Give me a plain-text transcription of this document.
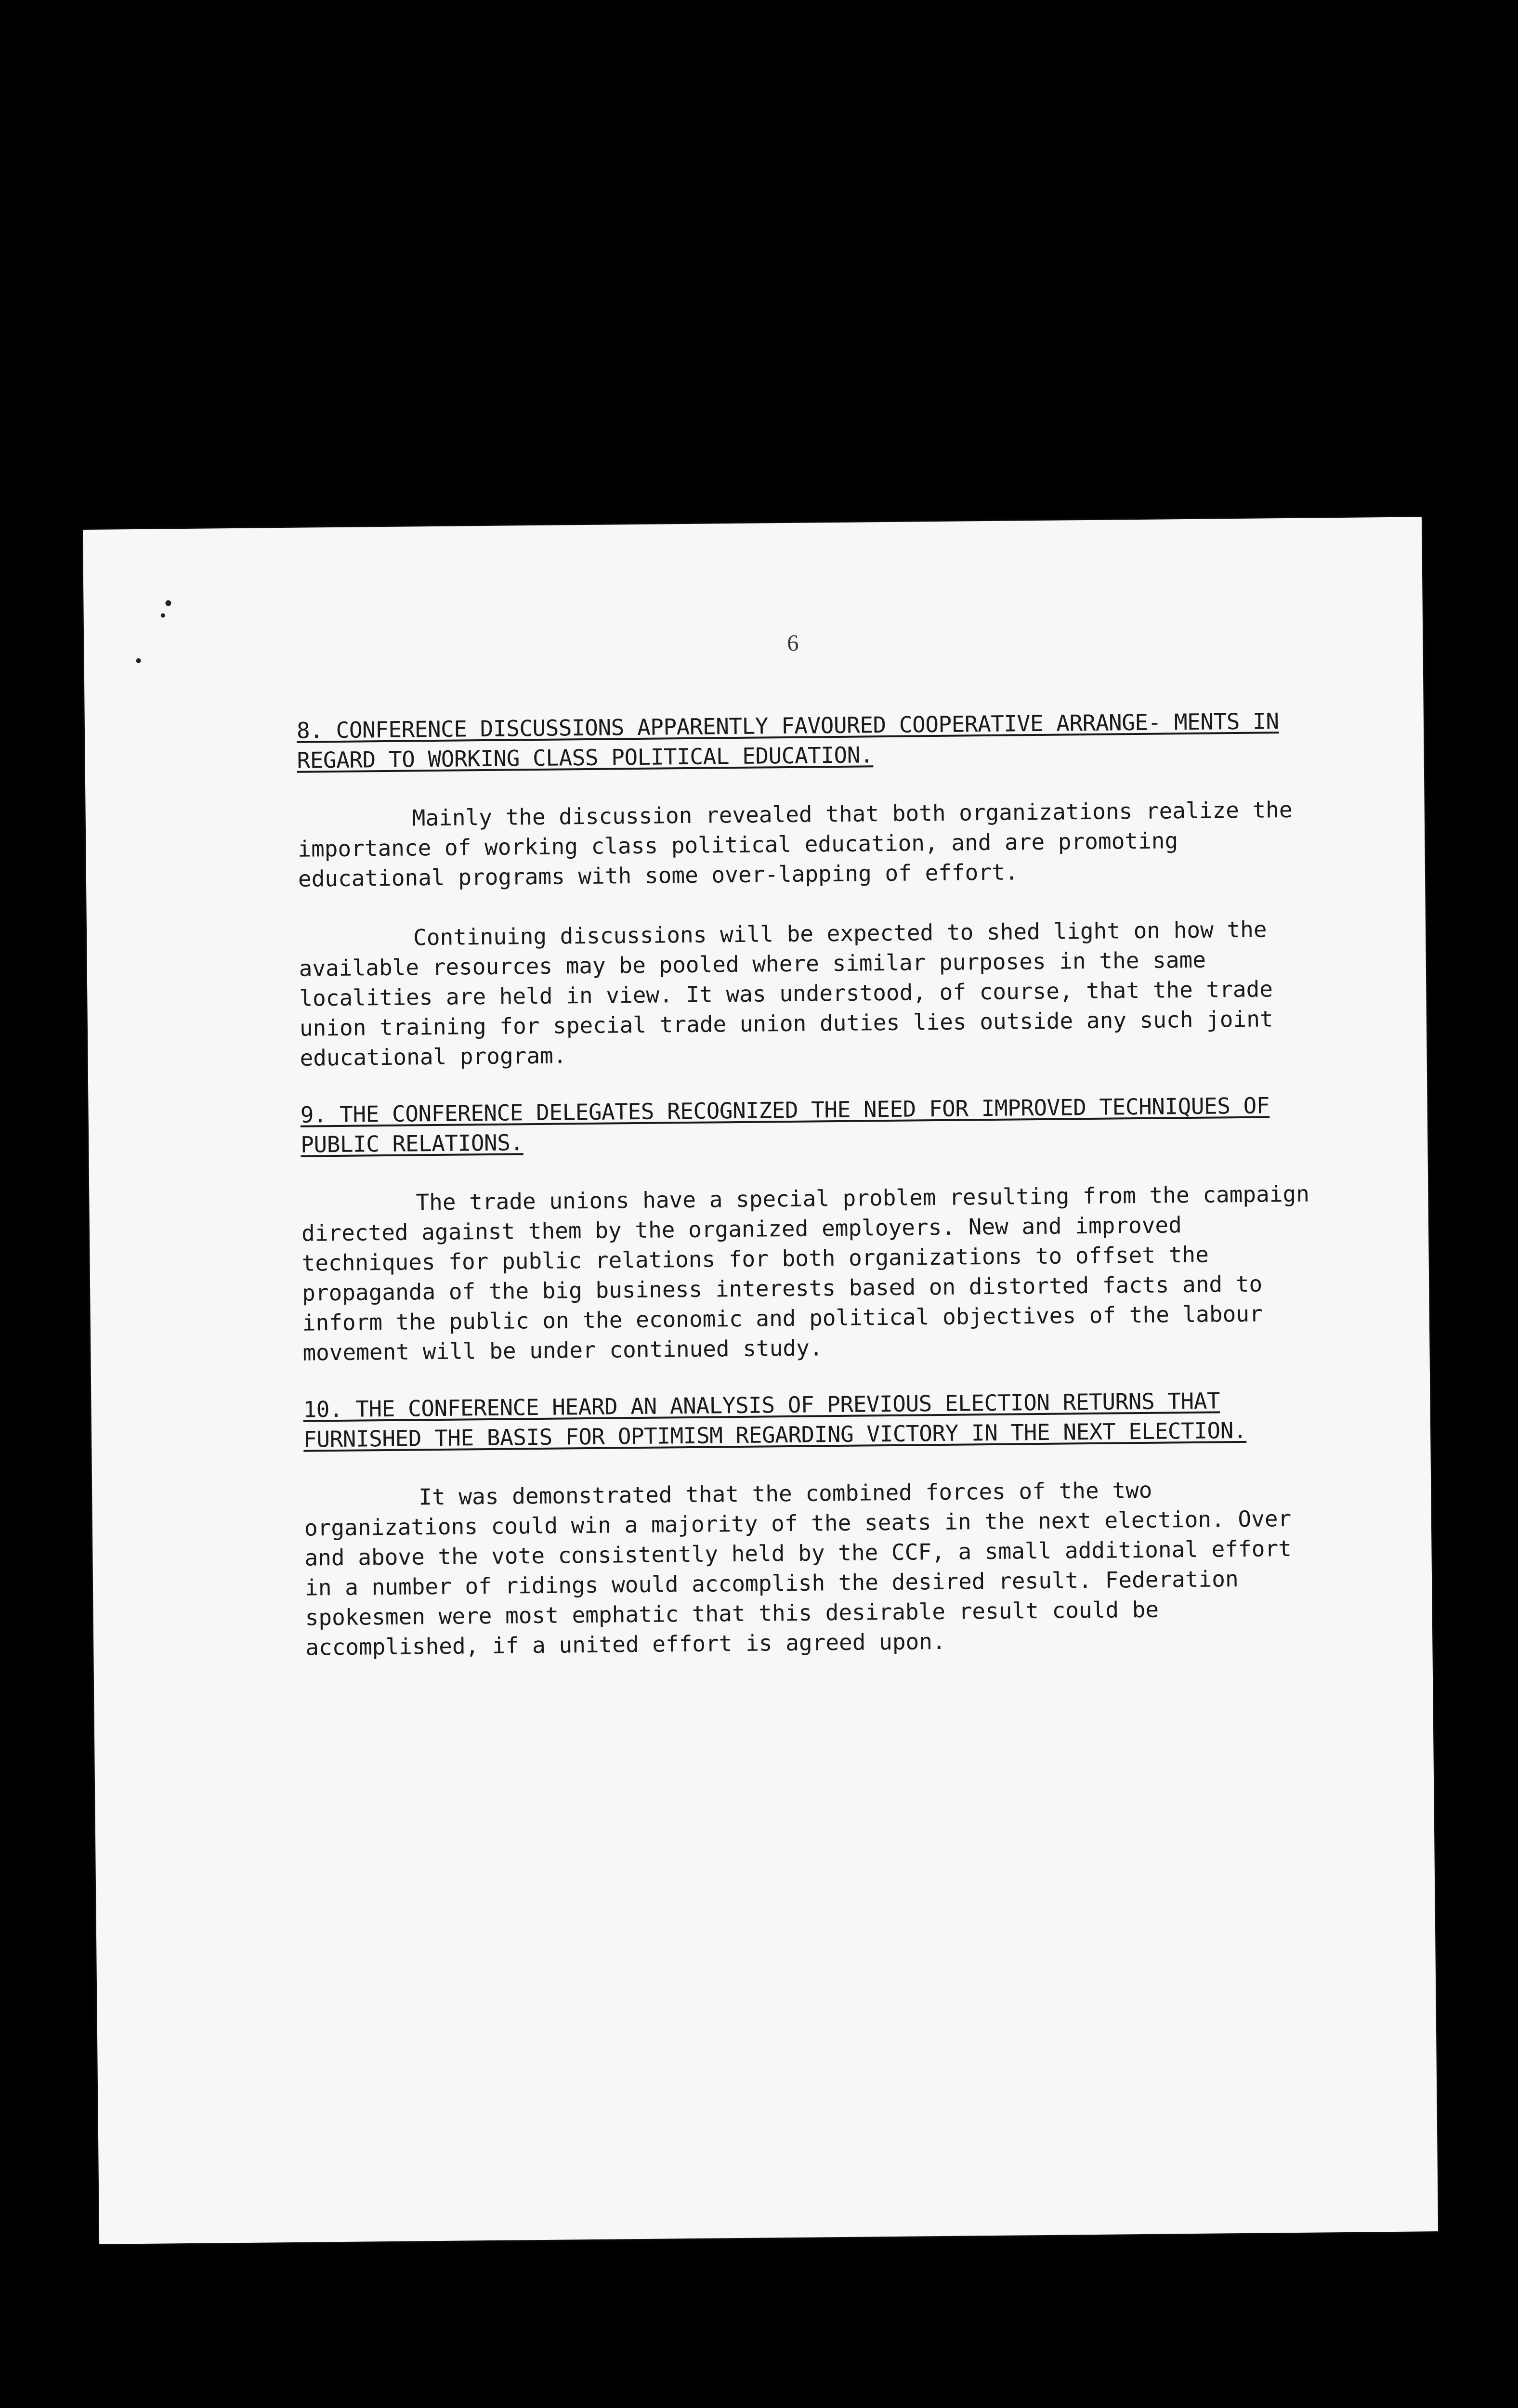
6

8. CONFERENCE DISCUSSIONS APPARENTLY FAVOURED COOPERATIVE ARRANGE- MENTS IN REGARD TO WORKING CLASS POLITICAL EDUCATION.

Mainly the discussion revealed that both organizations realize the importance of working class political education, and are promoting educational programs with some over-lapping of effort.

Continuing discussions will be expected to shed light on how the available resources may be pooled where similar purposes in the same localities are held in view. It was understood, of course, that the trade union training for special trade union duties lies outside any such joint educational program.

9. THE CONFERENCE DELEGATES RECOGNIZED THE NEED FOR IMPROVED TECHNIQUES OF PUBLIC RELATIONS.

The trade unions have a special problem resulting from the campaign directed against them by the organized employers. New and improved techniques for public relations for both organizations to offset the propaganda of the big business interests based on distorted facts and to inform the public on the economic and political objectives of the labour movement will be under continued study.

10. THE CONFERENCE HEARD AN ANALYSIS OF PREVIOUS ELECTION RETURNS THAT FURNISHED THE BASIS FOR OPTIMISM REGARDING VICTORY IN THE NEXT ELECTION.

It was demonstrated that the combined forces of the two organizations could win a majority of the seats in the next election. Over and above the vote consistently held by the CCF, a small additional effort in a number of ridings would accomplish the desired result. Federation spokesmen were most emphatic that this desirable result could be accomplished, if a united effort is agreed upon.
